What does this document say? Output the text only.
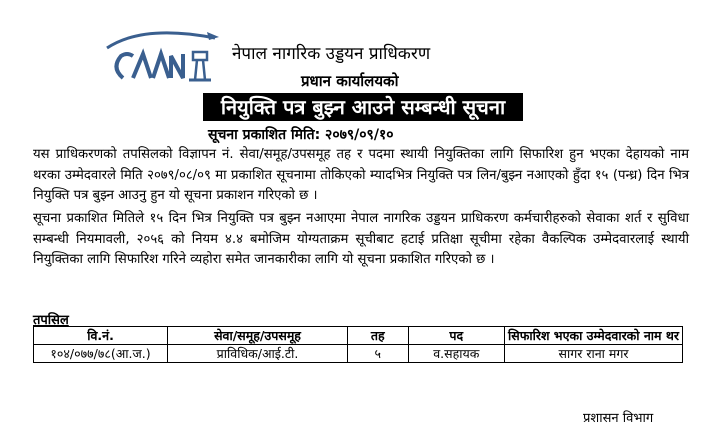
नेपाल नागरिक उड्डयन प्राधिकरण
प्रधान कार्यालयको
नियुक्ति पत्र बुझ्न आउने सम्बन्धी सूचना
सूचना प्रकाशित मिति: २०७९/०९/१०

यस प्राधिकरणको तपसिलको विज्ञापन नं. सेवा/समूह/उपसमूह तह र पदमा स्थायी नियुक्तिका लागि सिफारिश हुन भएका देहायको नाम थरका उम्मेदवारले मिति २०७९/०८/०९ मा प्रकाशित सूचनामा तोकिएको म्यादभित्र नियुक्ति पत्र लिन/बुझ्न नआएको हुँदा १५ (पन्ध्र) दिन भित्र नियुक्ति पत्र बुझ्न आउनु हुन यो सूचना प्रकाशन गरिएको छ ।

सूचना प्रकाशित मितिले १५ दिन भित्र नियुक्ति पत्र बुझ्न नआएमा नेपाल नागरिक उड्डयन प्राधिकरण कर्मचारीहरुको सेवाका शर्त र सुविधा सम्बन्धी नियमावली, २०५६ को नियम ४.४ बमोजिम योग्यताक्रम सूचीबाट हटाई प्रतिक्षा सूचीमा रहेका वैकल्पिक उम्मेदवारलाई स्थायी नियुक्तिका लागि सिफारिश गरिने व्यहोरा समेत जानकारीका लागि यो सूचना प्रकाशित गरिएको छ ।

तपसिल
वि.नं.	सेवा/समूह/उपसमूह	तह	पद	सिफारिश भएका उम्मेदवारको नाम थर
१०४/०७७/७८(आ.ज.)	प्राविधिक/आई.टी.	५	व.सहायक	सागर राना मगर
प्रशासन विभाग
